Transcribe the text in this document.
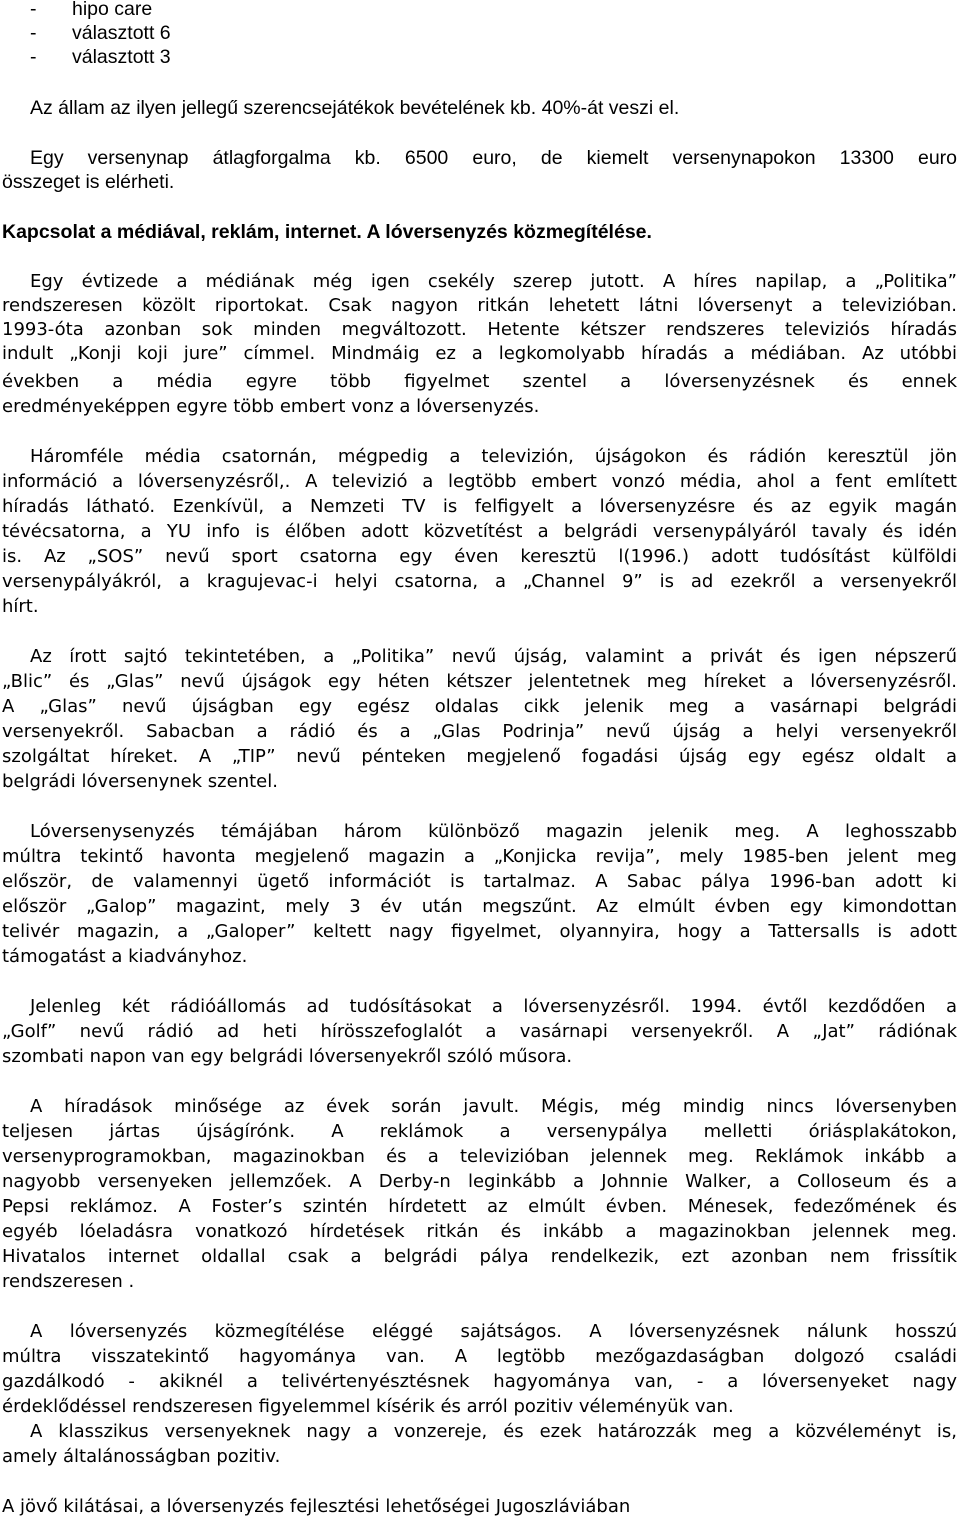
- hipo care
- választott 6
- választott 3
Az állam az ilyen jellegű szerencsejátékok bevételének kb. 40%-át veszi el.
Egy versenynap átlagforgalma kb. 6500 euro, de kiemelt versenynapokon 13300 euro
összeget is elérheti.
Kapcsolat a médiával, reklám, internet. A lóversenyzés közmegítélése.
Egy évtizede a médiának még igen csekély szerep jutott. A híres napilap, a „Politika”
rendszeresen közölt riportokat. Csak nagyon ritkán lehetett látni lóversenyt a televizióban.
1993-óta azonban sok minden megváltozott. Hetente kétszer rendszeres televiziós híradás
indult „Konji koji jure” címmel. Mindmáig ez a legkomolyabb híradás a médiában. Az utóbbi
években a média egyre több figyelmet szentel a lóversenyzésnek és ennek
eredményeképpen egyre több embert vonz a lóversenyzés.
Háromféle média csatornán, mégpedig a televizión, újságokon és rádión keresztül jön
információ a lóversenyzésről,. A televizió a legtöbb embert vonzó média, ahol a fent említett
híradás látható. Ezenkívül, a Nemzeti TV is felfigyelt a lóversenyzésre és az egyik magán
tévécsatorna, a YU info is élőben adott közvetítést a belgrádi versenypályáról tavaly és idén
is. Az „SOS” nevű sport csatorna egy éven keresztü l(1996.) adott tudósítást külföldi
versenypályákról, a kragujevac-i helyi csatorna, a „Channel 9” is ad ezekről a versenyekről
hírt.
Az írott sajtó tekintetében, a „Politika” nevű újság, valamint a privát és igen népszerű
„Blic” és „Glas” nevű újságok egy héten kétszer jelentetnek meg híreket a lóversenyzésről.
A „Glas” nevű újságban egy egész oldalas cikk jelenik meg a vasárnapi belgrádi
versenyekről. Sabacban a rádió és a „Glas Podrinja” nevű újság a helyi versenyekről
szolgáltat híreket. A „TIP” nevű pénteken megjelenő fogadási újság egy egész oldalt a
belgrádi lóversenynek szentel.
Lóversenysenyzés témájában három különböző magazin jelenik meg. A leghosszabb
múltra tekintő havonta megjelenő magazin a „Konjicka revija”, mely 1985-ben jelent meg
először, de valamennyi ügető információt is tartalmaz. A Sabac pálya 1996-ban adott ki
először „Galop” magazint, mely 3 év után megszűnt. Az elmúlt évben egy kimondottan
telivér magazin, a „Galoper” keltett nagy figyelmet, olyannyira, hogy a Tattersalls is adott
támogatást a kiadványhoz.
Jelenleg két rádióállomás ad tudósításokat a lóversenyzésről. 1994. évtől kezdődően a
„Golf” nevű rádió ad heti hírösszefoglalót a vasárnapi versenyekről. A „Jat” rádiónak
szombati napon van egy belgrádi lóversenyekről szóló műsora.
A híradások minősége az évek során javult. Mégis, még mindig nincs lóversenyben
teljesen jártas újságírónk. A reklámok a versenypálya melletti óriásplakátokon,
versenyprogramokban, magazinokban és a televizióban jelennek meg. Reklámok inkább a
nagyobb versenyeken jellemzőek. A Derby-n leginkább a Johnnie Walker, a Colloseum és a
Pepsi reklámoz. A Foster’s szintén hírdetett az elmúlt évben. Ménesek, fedezőmének és
egyéb lóeladásra vonatkozó hírdetések ritkán és inkább a magazinokban jelennek meg.
Hivatalos internet oldallal csak a belgrádi pálya rendelkezik, ezt azonban nem frissítik
rendszeresen .
A lóversenyzés közmegítélése eléggé sajátságos. A lóversenyzésnek nálunk hosszú
múltra visszatekintő hagyománya van. A legtöbb mezőgazdaságban dolgozó családi
gazdálkodó - akiknél a telivértenyésztésnek hagyománya van, - a lóversenyeket nagy
érdeklődéssel rendszeresen figyelemmel kísérik és arról pozitiv véleményük van.
A klasszikus versenyeknek nagy a vonzereje, és ezek határozzák meg a közvéleményt is,
amely általánosságban pozitiv.
A jövő kilátásai, a lóversenyzés fejlesztési lehetőségei Jugoszláviában
